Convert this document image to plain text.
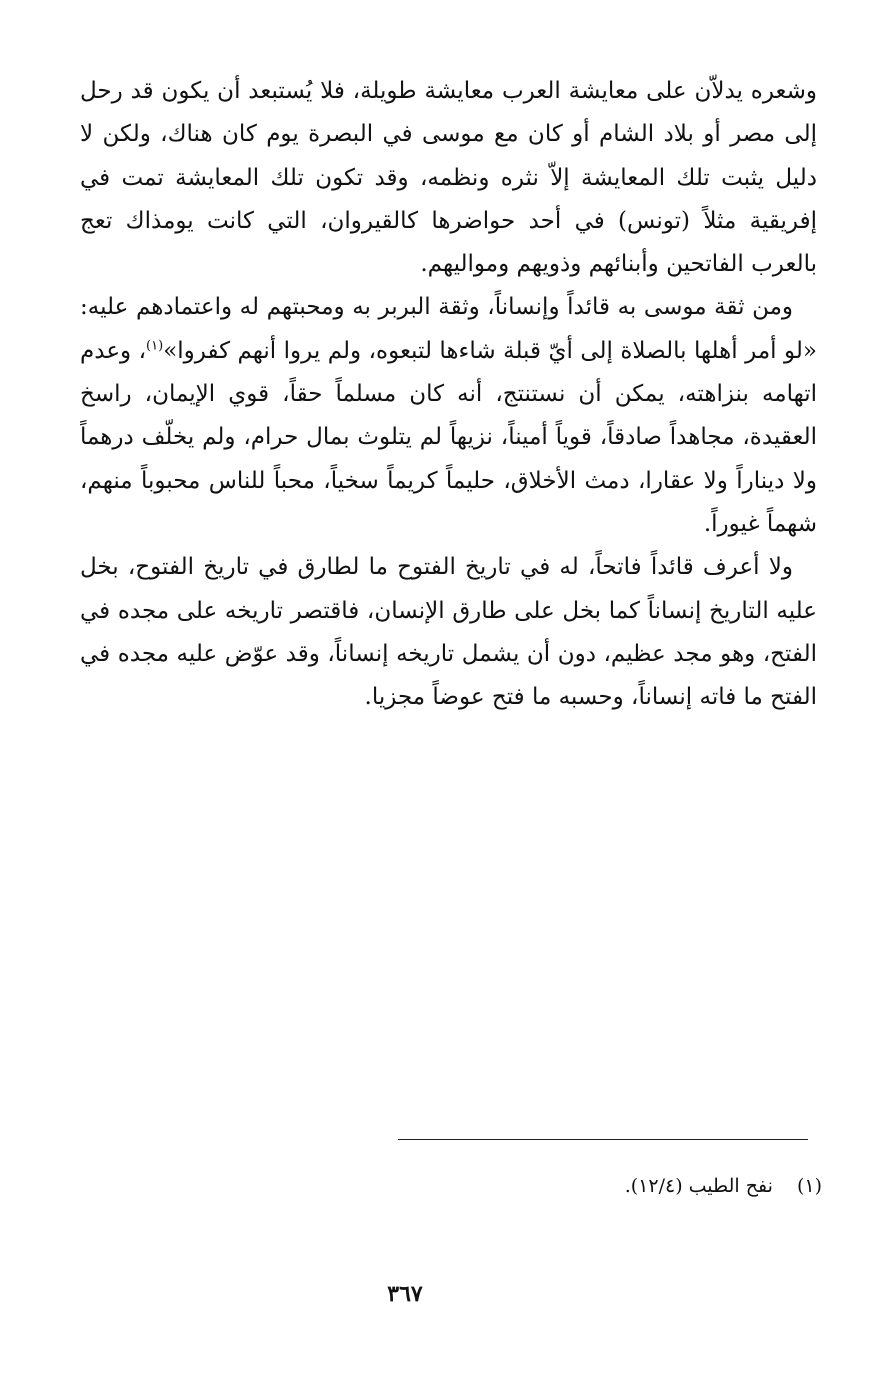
وشعره يدلاّن على معايشة العرب معايشة طويلة، فلا يُستبعد أن يكون قد رحل إلى مصر أو بلاد الشام أو كان مع موسى في البصرة يوم كان هناك، ولكن لا دليل يثبت تلك المعايشة إلاّ نثره ونظمه، وقد تكون تلك المعايشة تمت في إفريقية مثلاً (تونس) في أحد حواضرها كالقيروان، التي كانت يومذاك تعج بالعرب الفاتحين وأبنائهم وذويهم ومواليهم.

ومن ثقة موسى به قائداً وإنساناً، وثقة البربر به ومحبتهم له واعتمادهم عليه: «لو أمر أهلها بالصلاة إلى أيّ قبلة شاءها لتبعوه، ولم يروا أنهم كفروا»$^{(١)}$، وعدم اتهامه بنزاهته، يمكن أن نستنتج، أنه كان مسلماً حقاً، قوي الإيمان، راسخ العقيدة، مجاهداً صادقاً، قوياً أميناً، نزيهاً لم يتلوث بمال حرام، ولم يخلّف درهماً ولا ديناراً ولا عقارا، دمث الأخلاق، حليماً كريماً سخياً، محباً للناس محبوباً منهم، شهماً غيوراً.

ولا أعرف قائداً فاتحاً، له في تاريخ الفتوح ما لطارق في تاريخ الفتوح، بخل عليه التاريخ إنساناً كما بخل على طارق الإنسان، فاقتصر تاريخه على مجده في الفتح، وهو مجد عظيم، دون أن يشمل تاريخه إنساناً، وقد عوّض عليه مجده في الفتح ما فاته إنساناً، وحسبه ما فتح عوضاً مجزيا.

(١) نفح الطيب (١٢/٤).
٣٦٧
